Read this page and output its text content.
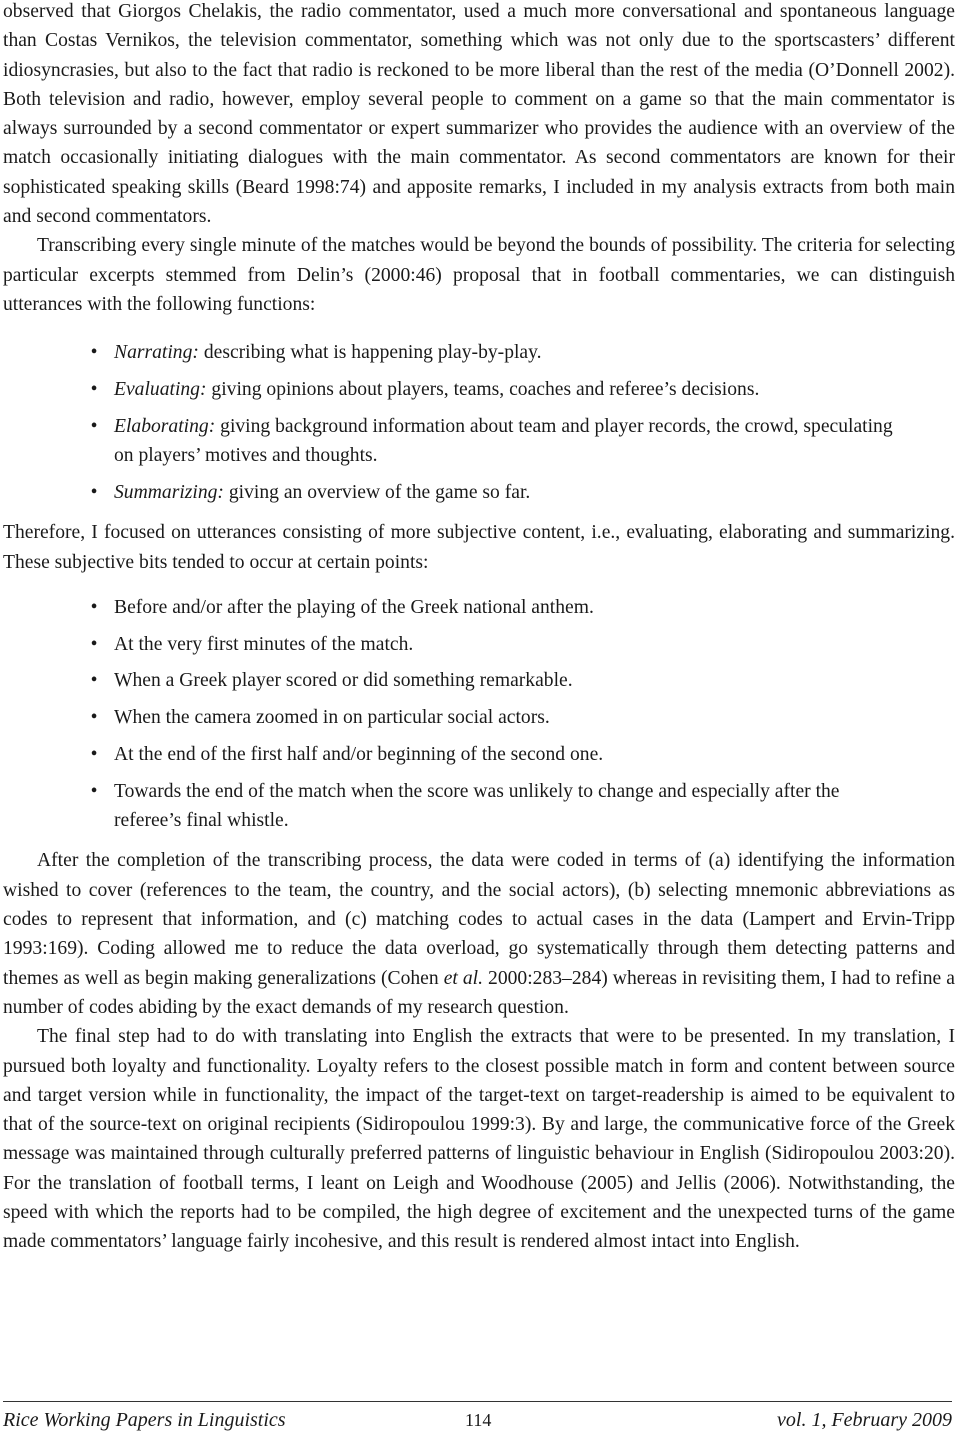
observed that Giorgos Chelakis, the radio commentator, used a much more conversational and spontaneous language than Costas Vernikos, the television commentator, something which was not only due to the sportscasters’ different idiosyncrasies, but also to the fact that radio is reckoned to be more liberal than the rest of the media (O’Donnell 2002). Both television and radio, however, employ several people to comment on a game so that the main commentator is always surrounded by a second commentator or expert summarizer who provides the audience with an overview of the match occasionally initiating dialogues with the main commentator. As second commentators are known for their sophisticated speaking skills (Beard 1998:74) and apposite remarks, I included in my analysis extracts from both main and second commentators.

Transcribing every single minute of the matches would be beyond the bounds of possibility. The criteria for selecting particular excerpts stemmed from Delin’s (2000:46) proposal that in football commentaries, we can distinguish utterances with the following functions:

• Narrating: describing what is happening play-by-play.
• Evaluating: giving opinions about players, teams, coaches and referee’s decisions.
• Elaborating: giving background information about team and player records, the crowd, speculating on players’ motives and thoughts.
• Summarizing: giving an overview of the game so far.

Therefore, I focused on utterances consisting of more subjective content, i.e., evaluating, elaborating and summarizing. These subjective bits tended to occur at certain points:

• Before and/or after the playing of the Greek national anthem.
• At the very first minutes of the match.
• When a Greek player scored or did something remarkable.
• When the camera zoomed in on particular social actors.
• At the end of the first half and/or beginning of the second one.
• Towards the end of the match when the score was unlikely to change and especially after the referee’s final whistle.

After the completion of the transcribing process, the data were coded in terms of (a) identifying the information wished to cover (references to the team, the country, and the social actors), (b) selecting mnemonic abbreviations as codes to represent that information, and (c) matching codes to actual cases in the data (Lampert and Ervin-Tripp 1993:169). Coding allowed me to reduce the data overload, go systematically through them detecting patterns and themes as well as begin making generalizations (Cohen et al. 2000:283–284) whereas in revisiting them, I had to refine a number of codes abiding by the exact demands of my research question.

The final step had to do with translating into English the extracts that were to be presented. In my translation, I pursued both loyalty and functionality. Loyalty refers to the closest possible match in form and content between source and target version while in functionality, the impact of the target-text on target-readership is aimed to be equivalent to that of the source-text on original recipients (Sidiropoulou 1999:3). By and large, the communicative force of the Greek message was maintained through culturally preferred patterns of linguistic behaviour in English (Sidiropoulou 2003:20). For the translation of football terms, I leant on Leigh and Woodhouse (2005) and Jellis (2006). Notwithstanding, the speed with which the reports had to be compiled, the high degree of excitement and the unexpected turns of the game made commentators’ language fairly incohesive, and this result is rendered almost intact into English.

Rice Working Papers in Linguistics	114	vol. 1, February 2009
